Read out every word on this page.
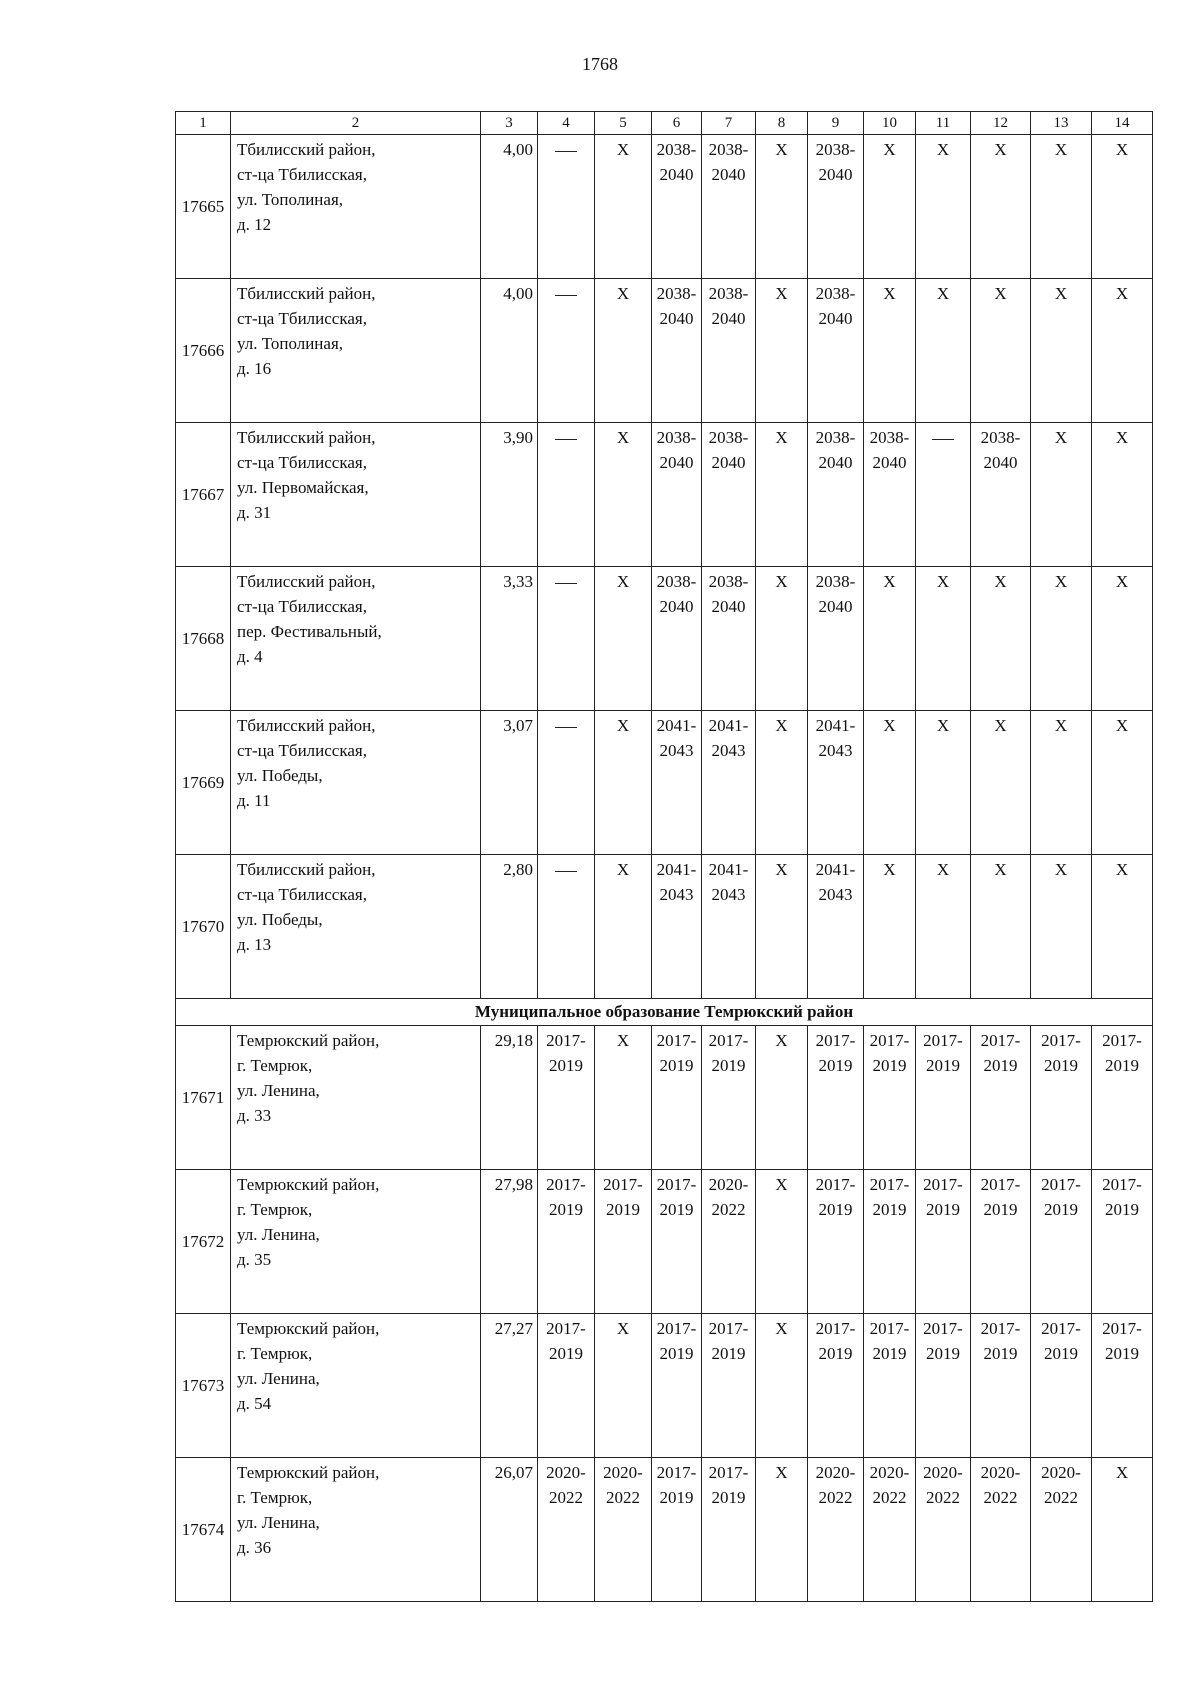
1768
1	2	3	4	5	6	7	8	9	10	11	12	13	14
17665	Тбилисский район,
ст-ца Тбилисская,
ул. Тополиная,
д. 12	4,00		X	2038-
2040	2038-
2040	X	2038-
2040	X	X	X	X	X
17666	Тбилисский район,
ст-ца Тбилисская,
ул. Тополиная,
д. 16	4,00		X	2038-
2040	2038-
2040	X	2038-
2040	X	X	X	X	X
17667	Тбилисский район,
ст-ца Тбилисская,
ул. Первомайская,
д. 31	3,90		X	2038-
2040	2038-
2040	X	2038-
2040	2038-
2040		2038-
2040	X	X
17668	Тбилисский район,
ст-ца Тбилисская,
пер. Фестивальный,
д. 4	3,33		X	2038-
2040	2038-
2040	X	2038-
2040	X	X	X	X	X
17669	Тбилисский район,
ст-ца Тбилисская,
ул. Победы,
д. 11	3,07		X	2041-
2043	2041-
2043	X	2041-
2043	X	X	X	X	X
17670	Тбилисский район,
ст-ца Тбилисская,
ул. Победы,
д. 13	2,80		X	2041-
2043	2041-
2043	X	2041-
2043	X	X	X	X	X
Муниципальное образование Темрюкский район													
17671	Темрюкский район,
г. Темрюк,
ул. Ленина,
д. 33	29,18	2017-
2019	X	2017-
2019	2017-
2019	X	2017-
2019	2017-
2019	2017-
2019	2017-
2019	2017-
2019	2017-
2019

17672	Темрюкский район,
г. Темрюк,
ул. Ленина,
д. 35	27,98	2017-
2019	2017-
2019	2017-
2019	2020-
2022	X	2017-
2019	2017-
2019	2017-
2019	2017-
2019	2017-
2019	2017-
2019

17673	Темрюкский район,
г. Темрюк,
ул. Ленина,
д. 54	27,27	2017-
2019	X	2017-
2019	2017-
2019	X	2017-
2019	2017-
2019	2017-
2019	2017-
2019	2017-
2019	2017-
2019

17674	Темрюкский район,
г. Темрюк,
ул. Ленина,
д. 36	26,07	2020-
2022	2020-
2022	2017-
2019	2017-
2019	X	2020-
2022	2020-
2022	2020-
2022	2020-
2022	2020-
2022	X
